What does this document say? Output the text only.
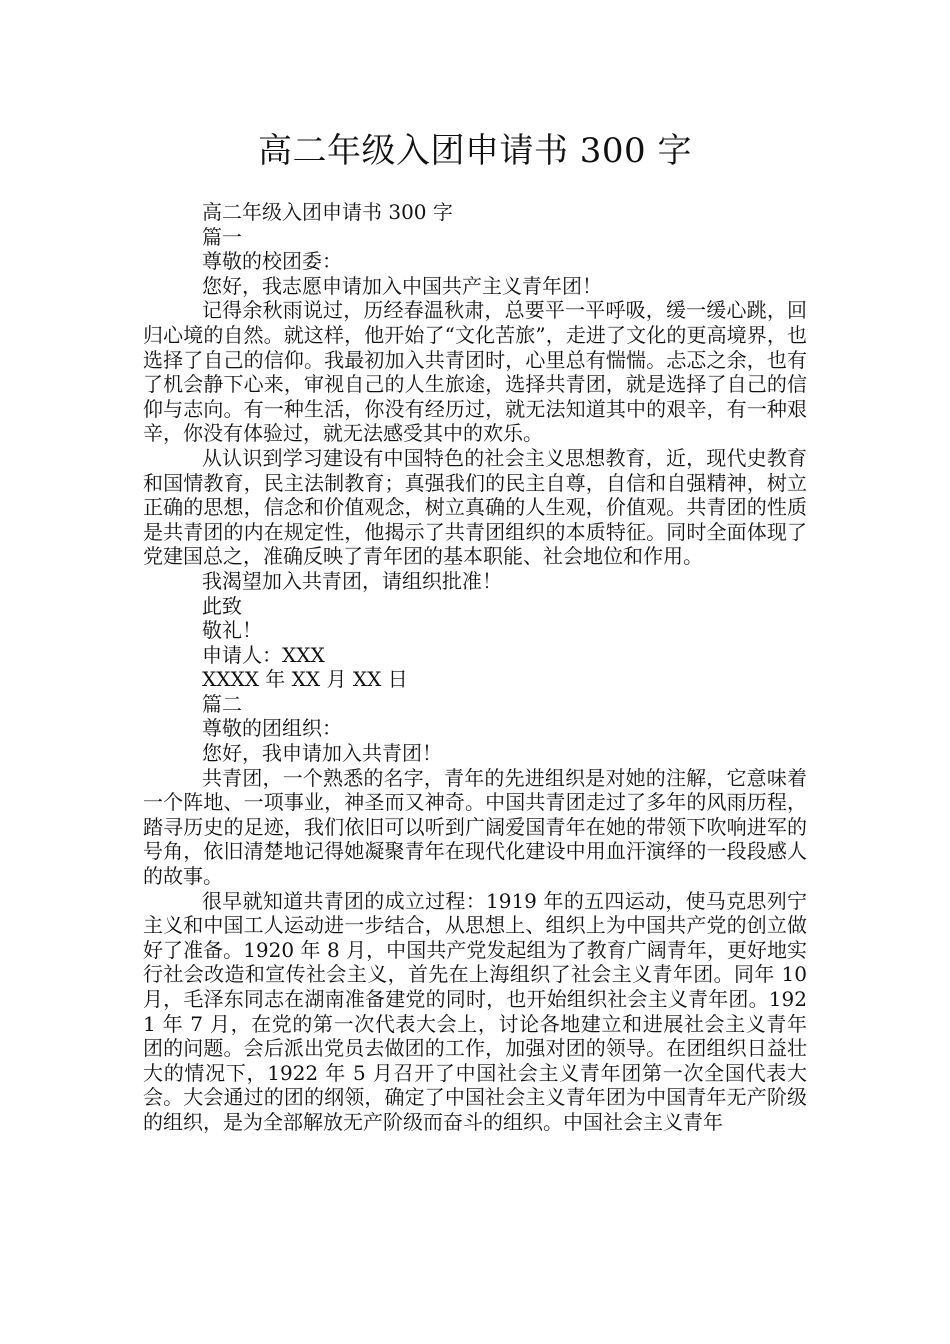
高二年级入团申请书 300 字

高二年级入团申请书 300 字

篇一

尊敬的校团委：

您好，我志愿申请加入中国共产主义青年团！

记得余秋雨说过，历经春温秋肃，总要平一平呼吸，缓一缓心跳，回归心境的自然。就这样，他开始了“文化苦旅”，走进了文化的更高境界，也选择了自己的信仰。我最初加入共青团时，心里总有惴惴。忐忑之余，也有了机会静下心来，审视自己的人生旅途，选择共青团，就是选择了自己的信仰与志向。有一种生活，你没有经历过，就无法知道其中的艰辛，有一种艰辛，你没有体验过，就无法感受其中的欢乐。

从认识到学习建设有中国特色的社会主义思想教育，近，现代史教育和国情教育，民主法制教育；真强我们的民主自尊，自信和自强精神，树立正确的思想，信念和价值观念，树立真确的人生观，价值观。共青团的性质是共青团的内在规定性，他揭示了共青团组织的本质特征。同时全面体现了党建国总之，准确反映了青年团的基本职能、社会地位和作用。

我渴望加入共青团，请组织批准！

此致

敬礼！

申请人：XXX

XXXX 年 XX 月 XX 日

篇二

尊敬的团组织：

您好，我申请加入共青团！

共青团，一个熟悉的名字，青年的先进组织是对她的注解，它意味着一个阵地、一项事业，神圣而又神奇。中国共青团走过了多年的风雨历程，踏寻历史的足迹，我们依旧可以听到广阔爱国青年在她的带领下吹响进军的号角，依旧清楚地记得她凝聚青年在现代化建设中用血汗演绎的一段段感人的故事。

很早就知道共青团的成立过程：1919 年的五四运动，使马克思列宁主义和中国工人运动进一步结合，从思想上、组织上为中国共产党的创立做好了准备。1920 年 8 月，中国共产党发起组为了教育广阔青年，更好地实行社会改造和宣传社会主义，首先在上海组织了社会主义青年团。同年 10 月，毛泽东同志在湖南准备建党的同时，也开始组织社会主义青年团。1921 年 7 月，在党的第一次代表大会上，讨论各地建立和进展社会主义青年团的问题。会后派出党员去做团的工作，加强对团的领导。在团组织日益壮大的情况下，1922 年 5 月召开了中国社会主义青年团第一次全国代表大会。大会通过的团的纲领，确定了中国社会主义青年团为中国青年无产阶级的组织，是为全部解放无产阶级而奋斗的组织。中国社会主义青年
